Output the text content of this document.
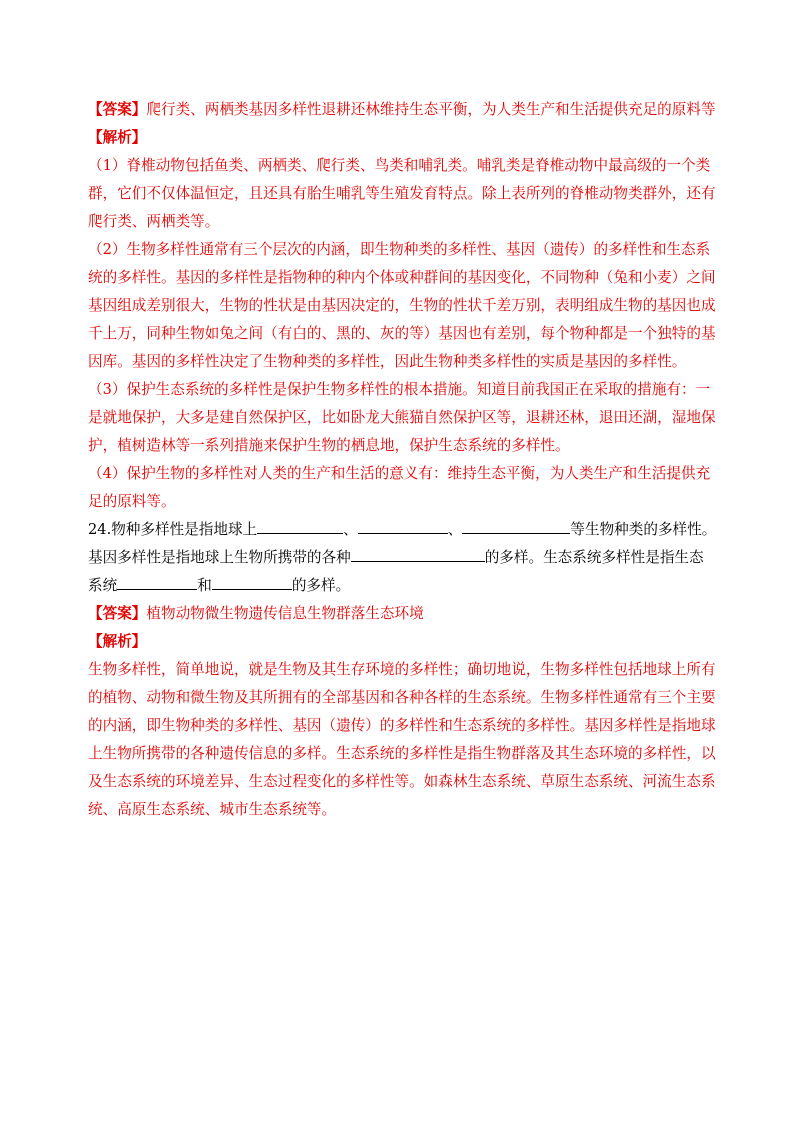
【答案】爬行类、两栖类基因多样性退耕还林维持生态平衡，为人类生产和生活提供充足的原料等
【解析】
（1）脊椎动物包括鱼类、两栖类、爬行类、鸟类和哺乳类。哺乳类是脊椎动物中最高级的一个类
群，它们不仅体温恒定，且还具有胎生哺乳等生殖发育特点。除上表所列的脊椎动物类群外，还有
爬行类、两栖类等。
（2）生物多样性通常有三个层次的内涵，即生物种类的多样性、基因（遗传）的多样性和生态系
统的多样性。基因的多样性是指物种的种内个体或种群间的基因变化，不同物种（兔和小麦）之间
基因组成差别很大，生物的性状是由基因决定的，生物的性状千差万别，表明组成生物的基因也成
千上万，同种生物如兔之间（有白的、黑的、灰的等）基因也有差别，每个物种都是一个独特的基
因库。基因的多样性决定了生物种类的多样性，因此生物种类多样性的实质是基因的多样性。
（3）保护生态系统的多样性是保护生物多样性的根本措施。知道目前我国正在采取的措施有：一
是就地保护，大多是建自然保护区，比如卧龙大熊猫自然保护区等，退耕还林，退田还湖，湿地保
护，植树造林等一系列措施来保护生物的栖息地，保护生态系统的多样性。
（4）保护生物的多样性对人类的生产和生活的意义有：维持生态平衡，为人类生产和生活提供充
足的原料等。
24.物种多样性是指地球上	、	、	等生物种类的多样性。
基因多样性是指地球上生物所携带的各种	的多样。生态系统多样性是指生态
系统	和	的多样。
【答案】植物动物微生物遗传信息生物群落生态环境
【解析】
生物多样性，简单地说，就是生物及其生存环境的多样性；确切地说，生物多样性包括地球上所有
的植物、动物和微生物及其所拥有的全部基因和各种各样的生态系统。生物多样性通常有三个主要
的内涵，即生物种类的多样性、基因（遗传）的多样性和生态系统的多样性。基因多样性是指地球
上生物所携带的各种遗传信息的多样。生态系统的多样性是指生物群落及其生态环境的多样性，以
及生态系统的环境差异、生态过程变化的多样性等。如森林生态系统、草原生态系统、河流生态系
统、高原生态系统、城市生态系统等。
